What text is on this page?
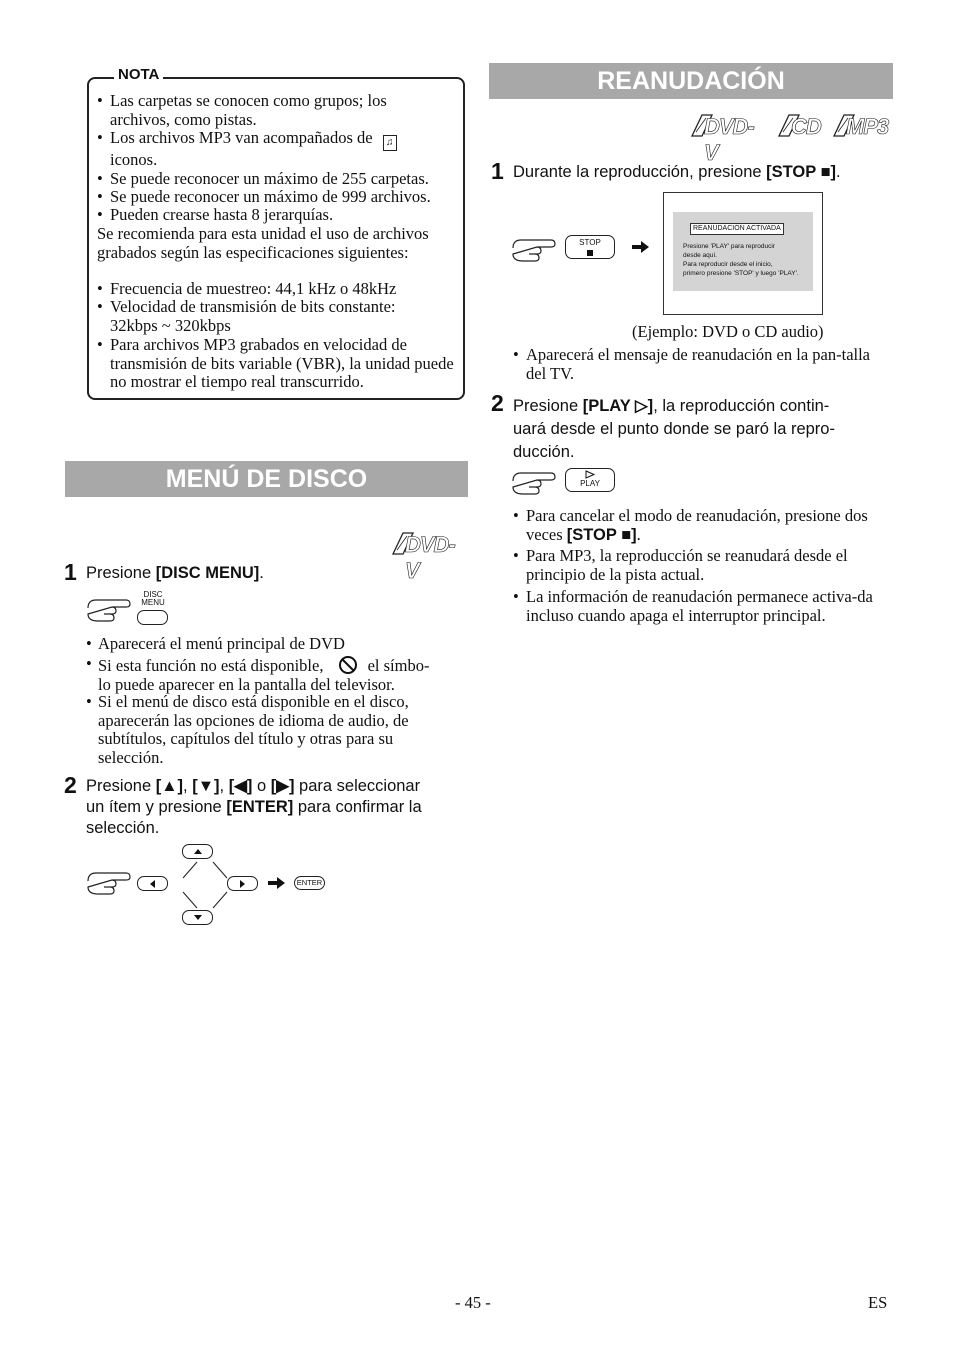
NOTA
• Las carpetas se conocen como grupos; los archivos, como pistas.
• Los archivos MP3 van acompañados de ♫
iconos.
• Se puede reconocer un máximo de 255 carpetas.
• Se puede reconocer un máximo de 999 archivos.
• Pueden crearse hasta 8 jerarquías.
Se recomienda para esta unidad el uso de archivos grabados según las especificaciones siguientes:
• Frecuencia de muestreo: 44,1 kHz o 48kHz
• Velocidad de transmisión de bits constante: 32kbps ~ 320kbps
• Para archivos MP3 grabados en velocidad de transmisión de bits variable (VBR), la unidad puede no mostrar el tiempo real transcurrido.
MENÚ DE DISCO
DVD-V
1 Presione [DISC MENU].
DISC
MENU
• Aparecerá el menú principal de DVD
• Si esta función no está disponible,	el símbo-
lo puede aparecer en la pantalla del televisor.
• Si el menú de disco está disponible en el disco, aparecerán las opciones de idioma de audio, de subtítulos, capítulos del título y otras para su selección.
2 Presione [▲], [▼], [◀] o [▶] para seleccionar
un ítem y presione [ENTER] para confirmar la
selección.
ENTER
REANUDACIÓN
DVD-V
CD MP3
1 Durante la reproducción, presione [STOP ■].
STOP
REANUDACIÓN ACTIVADA
Presione 'PLAY' para reproducir
desde aquí.
Para reproducir desde el inicio,
primero presione 'STOP' y luego 'PLAY'.
(Ejemplo: DVD o CD audio)
• Aparecerá el mensaje de reanudación en la pan-talla del TV.
2 Presione [PLAY ▷], la reproducción contin-
uará desde el punto donde se paró la repro-
ducción.
PLAY
• Para cancelar el modo de reanudación, presione dos veces [STOP ■].
• Para MP3, la reproducción se reanudará desde el principio de la pista actual.
• La información de reanudación permanece activa-da incluso cuando apaga el interruptor principal.
- 45 -	ES
